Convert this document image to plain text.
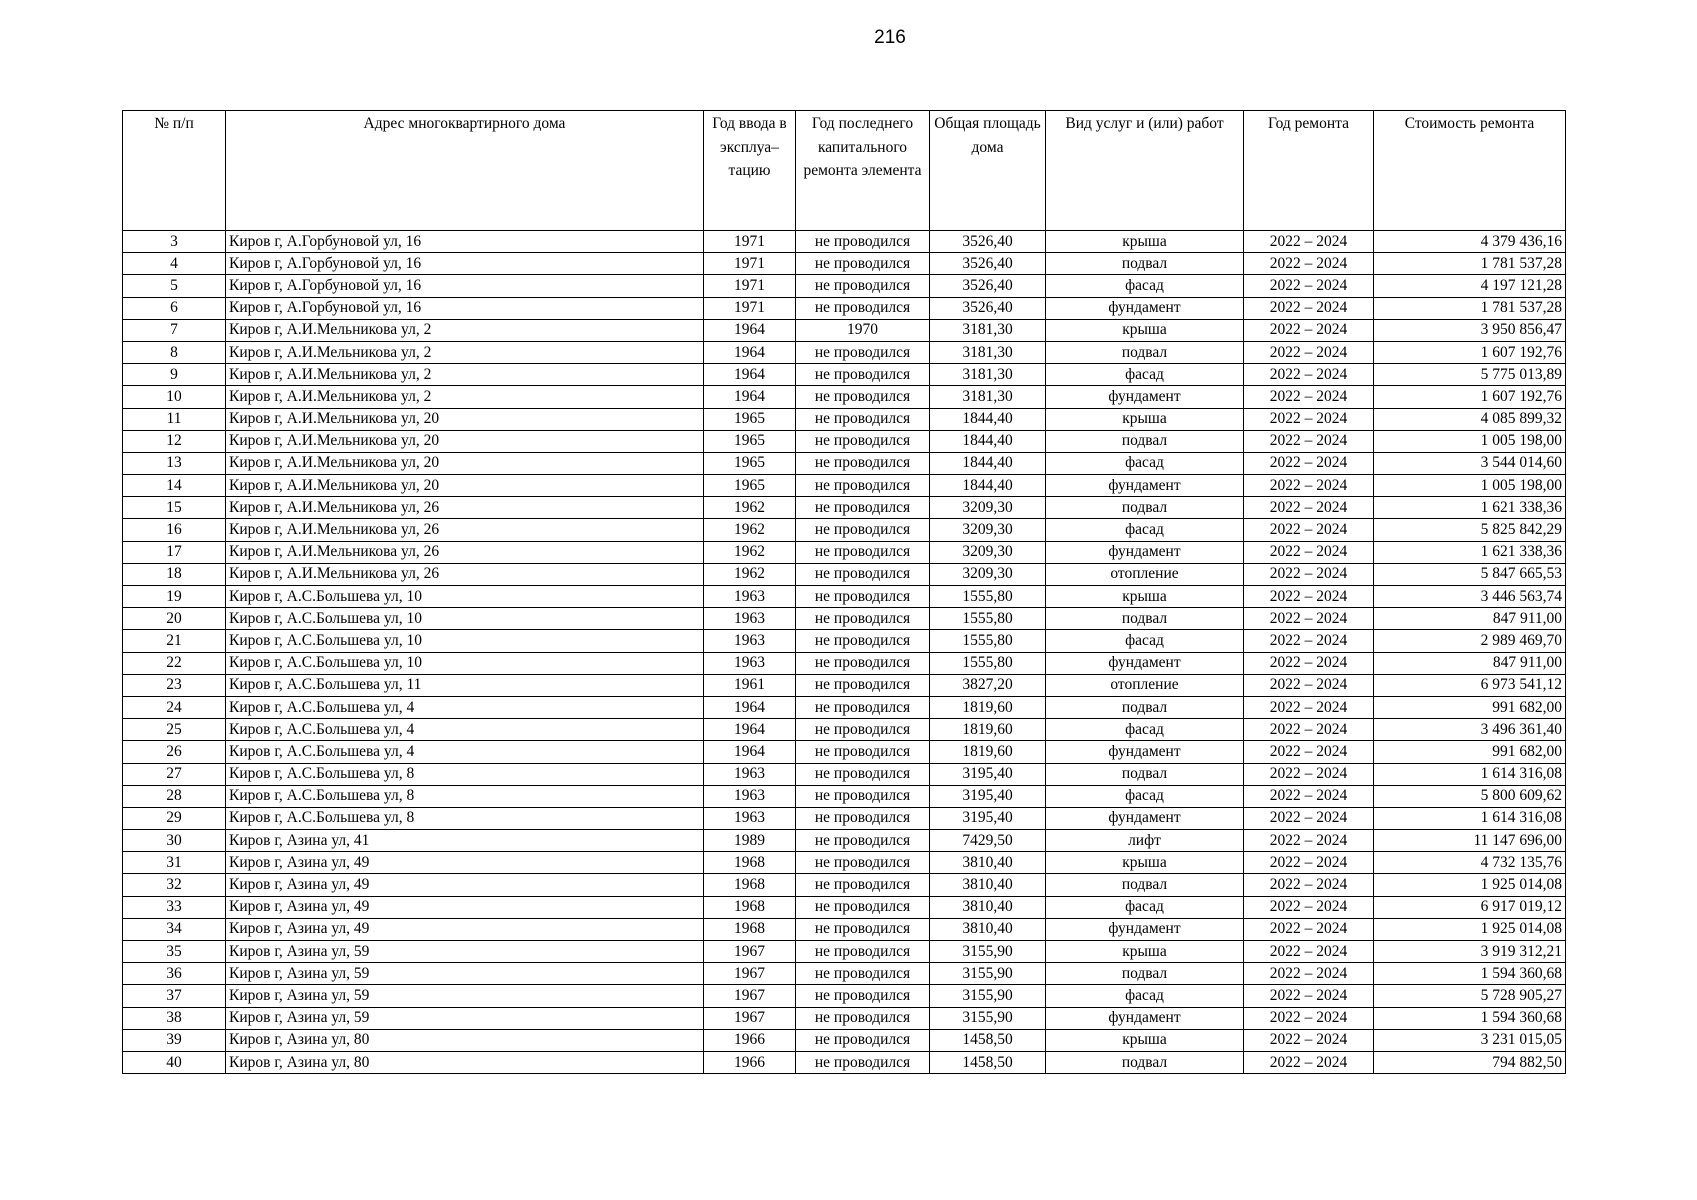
216
№ п/п	Адрес многоквартирного дома	Год ввода в эксплуа–тацию	Год последнего капитального ремонта элемента	Общая площадь дома	Вид услуг и (или) работ	Год ремонта	Стоимость ремонта
3	Киров г, А.Горбуновой ул, 16	1971	не проводился	3526,40	крыша	2022 – 2024	4 379 436,16
4	Киров г, А.Горбуновой ул, 16	1971	не проводился	3526,40	подвал	2022 – 2024	1 781 537,28
5	Киров г, А.Горбуновой ул, 16	1971	не проводился	3526,40	фасад	2022 – 2024	4 197 121,28
6	Киров г, А.Горбуновой ул, 16	1971	не проводился	3526,40	фундамент	2022 – 2024	1 781 537,28
7	Киров г, А.И.Мельникова ул, 2	1964	1970	3181,30	крыша	2022 – 2024	3 950 856,47
8	Киров г, А.И.Мельникова ул, 2	1964	не проводился	3181,30	подвал	2022 – 2024	1 607 192,76
9	Киров г, А.И.Мельникова ул, 2	1964	не проводился	3181,30	фасад	2022 – 2024	5 775 013,89
10	Киров г, А.И.Мельникова ул, 2	1964	не проводился	3181,30	фундамент	2022 – 2024	1 607 192,76
11	Киров г, А.И.Мельникова ул, 20	1965	не проводился	1844,40	крыша	2022 – 2024	4 085 899,32
12	Киров г, А.И.Мельникова ул, 20	1965	не проводился	1844,40	подвал	2022 – 2024	1 005 198,00
13	Киров г, А.И.Мельникова ул, 20	1965	не проводился	1844,40	фасад	2022 – 2024	3 544 014,60
14	Киров г, А.И.Мельникова ул, 20	1965	не проводился	1844,40	фундамент	2022 – 2024	1 005 198,00
15	Киров г, А.И.Мельникова ул, 26	1962	не проводился	3209,30	подвал	2022 – 2024	1 621 338,36
16	Киров г, А.И.Мельникова ул, 26	1962	не проводился	3209,30	фасад	2022 – 2024	5 825 842,29
17	Киров г, А.И.Мельникова ул, 26	1962	не проводился	3209,30	фундамент	2022 – 2024	1 621 338,36
18	Киров г, А.И.Мельникова ул, 26	1962	не проводился	3209,30	отопление	2022 – 2024	5 847 665,53
19	Киров г, А.С.Большева ул, 10	1963	не проводился	1555,80	крыша	2022 – 2024	3 446 563,74
20	Киров г, А.С.Большева ул, 10	1963	не проводился	1555,80	подвал	2022 – 2024	847 911,00
21	Киров г, А.С.Большева ул, 10	1963	не проводился	1555,80	фасад	2022 – 2024	2 989 469,70
22	Киров г, А.С.Большева ул, 10	1963	не проводился	1555,80	фундамент	2022 – 2024	847 911,00
23	Киров г, А.С.Большева ул, 11	1961	не проводился	3827,20	отопление	2022 – 2024	6 973 541,12
24	Киров г, А.С.Большева ул, 4	1964	не проводился	1819,60	подвал	2022 – 2024	991 682,00
25	Киров г, А.С.Большева ул, 4	1964	не проводился	1819,60	фасад	2022 – 2024	3 496 361,40
26	Киров г, А.С.Большева ул, 4	1964	не проводился	1819,60	фундамент	2022 – 2024	991 682,00
27	Киров г, А.С.Большева ул, 8	1963	не проводился	3195,40	подвал	2022 – 2024	1 614 316,08
28	Киров г, А.С.Большева ул, 8	1963	не проводился	3195,40	фасад	2022 – 2024	5 800 609,62
29	Киров г, А.С.Большева ул, 8	1963	не проводился	3195,40	фундамент	2022 – 2024	1 614 316,08
30	Киров г, Азина ул, 41	1989	не проводился	7429,50	лифт	2022 – 2024	11 147 696,00
31	Киров г, Азина ул, 49	1968	не проводился	3810,40	крыша	2022 – 2024	4 732 135,76
32	Киров г, Азина ул, 49	1968	не проводился	3810,40	подвал	2022 – 2024	1 925 014,08
33	Киров г, Азина ул, 49	1968	не проводился	3810,40	фасад	2022 – 2024	6 917 019,12
34	Киров г, Азина ул, 49	1968	не проводился	3810,40	фундамент	2022 – 2024	1 925 014,08
35	Киров г, Азина ул, 59	1967	не проводился	3155,90	крыша	2022 – 2024	3 919 312,21
36	Киров г, Азина ул, 59	1967	не проводился	3155,90	подвал	2022 – 2024	1 594 360,68
37	Киров г, Азина ул, 59	1967	не проводился	3155,90	фасад	2022 – 2024	5 728 905,27
38	Киров г, Азина ул, 59	1967	не проводился	3155,90	фундамент	2022 – 2024	1 594 360,68
39	Киров г, Азина ул, 80	1966	не проводился	1458,50	крыша	2022 – 2024	3 231 015,05
40	Киров г, Азина ул, 80	1966	не проводился	1458,50	подвал	2022 – 2024	794 882,50
